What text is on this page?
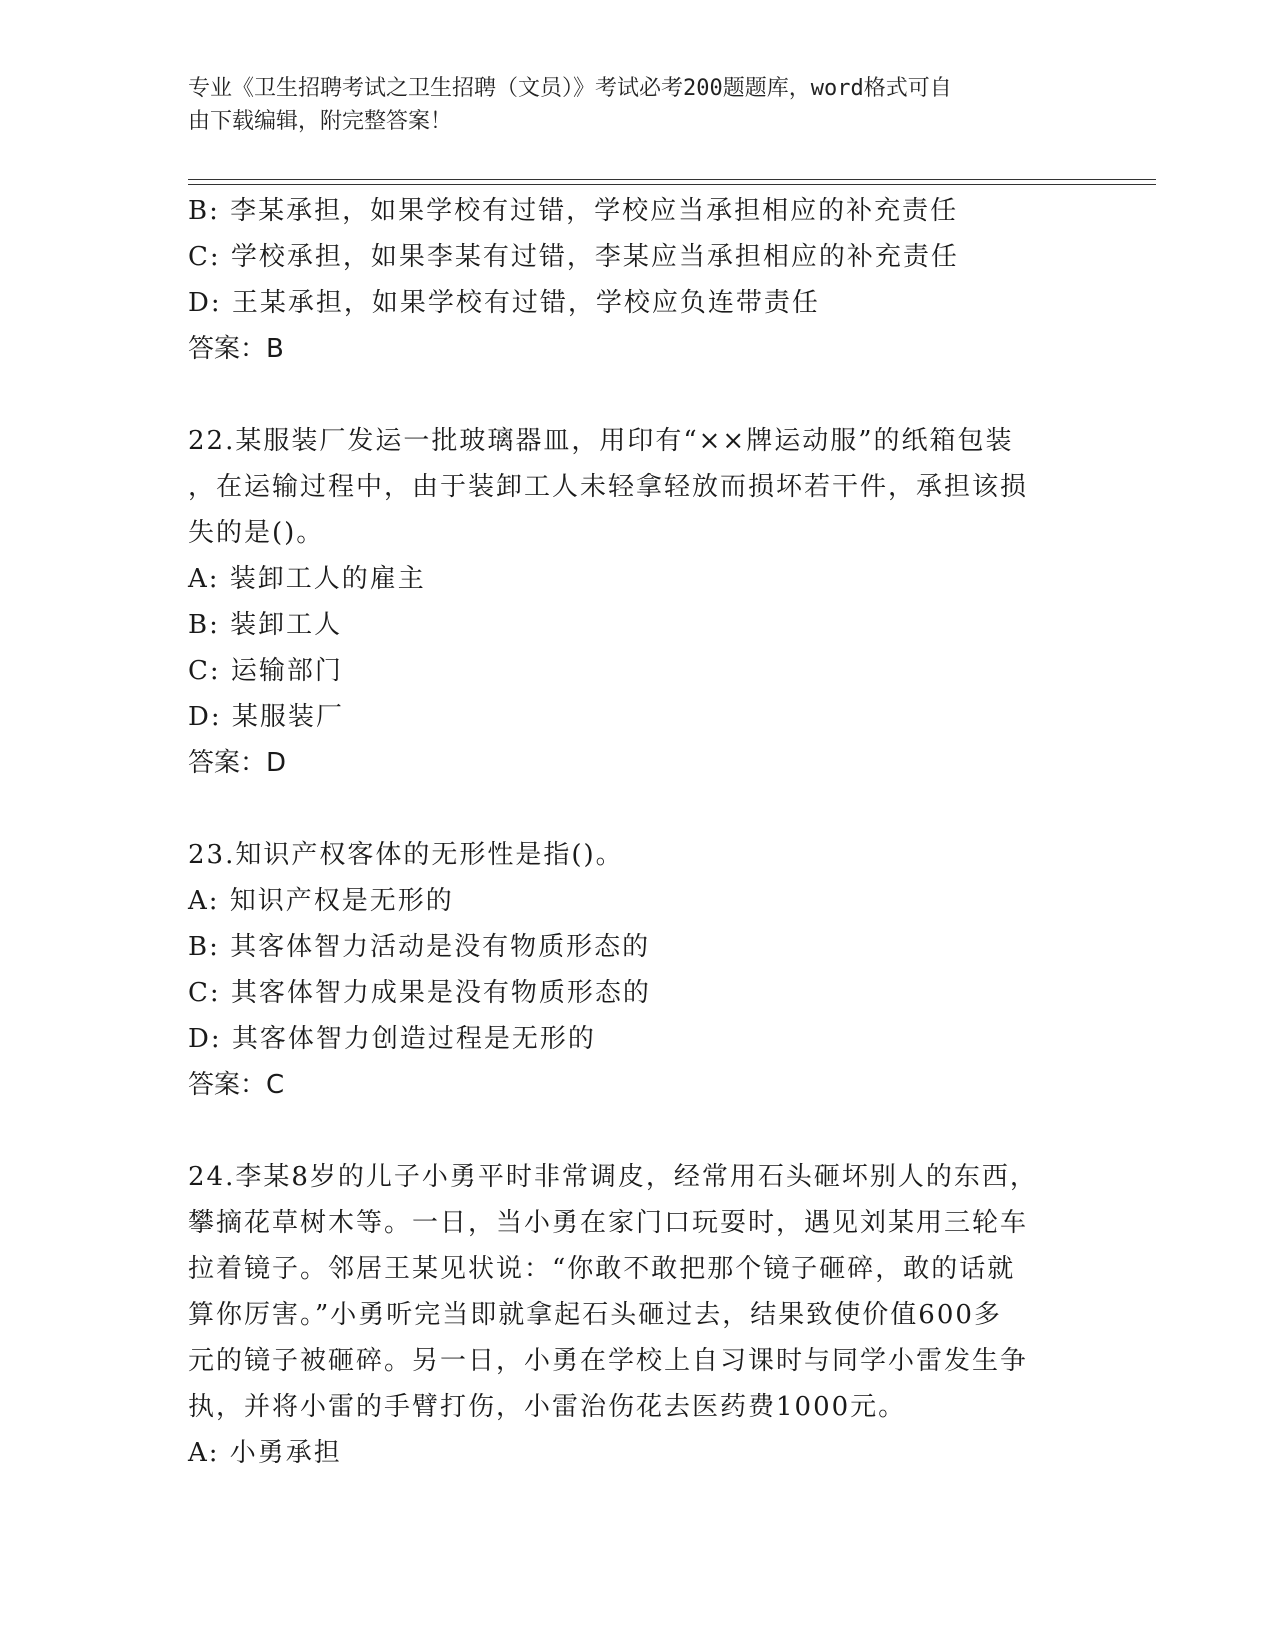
专业《卫生招聘考试之卫生招聘（文员）》考试必考200题题库，word格式可自
由下载编辑，附完整答案！
B: 李某承担，如果学校有过错，学校应当承担相应的补充责任
C: 学校承担，如果李某有过错，李某应当承担相应的补充责任
D: 王某承担，如果学校有过错，学校应负连带责任
答案：B
22.某服装厂发运一批玻璃器皿，用印有“××牌运动服”的纸箱包装
，在运输过程中，由于装卸工人未轻拿轻放而损坏若干件，承担该损
失的是()。
A: 装卸工人的雇主
B: 装卸工人
C: 运输部门
D: 某服装厂
答案：D
23.知识产权客体的无形性是指()。
A: 知识产权是无形的
B: 其客体智力活动是没有物质形态的
C: 其客体智力成果是没有物质形态的
D: 其客体智力创造过程是无形的
答案：C
24.李某8岁的儿子小勇平时非常调皮，经常用石头砸坏别人的东西，
攀摘花草树木等。一日，当小勇在家门口玩耍时，遇见刘某用三轮车
拉着镜子。邻居王某见状说：“你敢不敢把那个镜子砸碎，敢的话就
算你厉害。”小勇听完当即就拿起石头砸过去，结果致使价值600多
元的镜子被砸碎。另一日，小勇在学校上自习课时与同学小雷发生争
执，并将小雷的手臂打伤，小雷治伤花去医药费1000元。
A: 小勇承担
